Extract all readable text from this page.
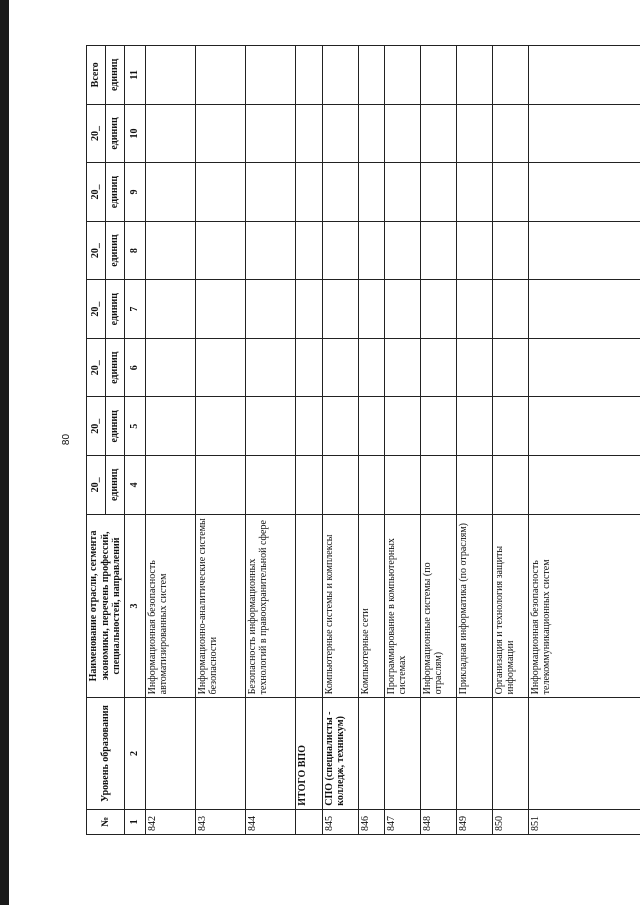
80
№	Уровень образования	Наименование отрасли, сегмента экономики, перечень профессий, специальностей, направлений	20_	20_	20_	20_	20_	20_	20_	Всего
			единиц	единиц	единиц	единиц	единиц	единиц	единиц	единиц
1	2	3	4	5	6	7	8	9	10	11
842		Информационная безопасность автоматизированных систем								
843		Информационно-аналитические системы безопасности								
844		Безопасность информационных технологий в правоохранительной сфере								
	ИТОГО ВПО									
845	СПО (специалисты - колледж, техникум)	Компьютерные системы и комплексы								
846		Компьютерные сети								
847		Программирование в компьютерных системах								
848		Информационные системы (по отраслям)								
849		Прикладная информатика (по отраслям)								
850		Организация и технология защиты информации								
851		Информационная безопасность телекоммуникационных систем								
